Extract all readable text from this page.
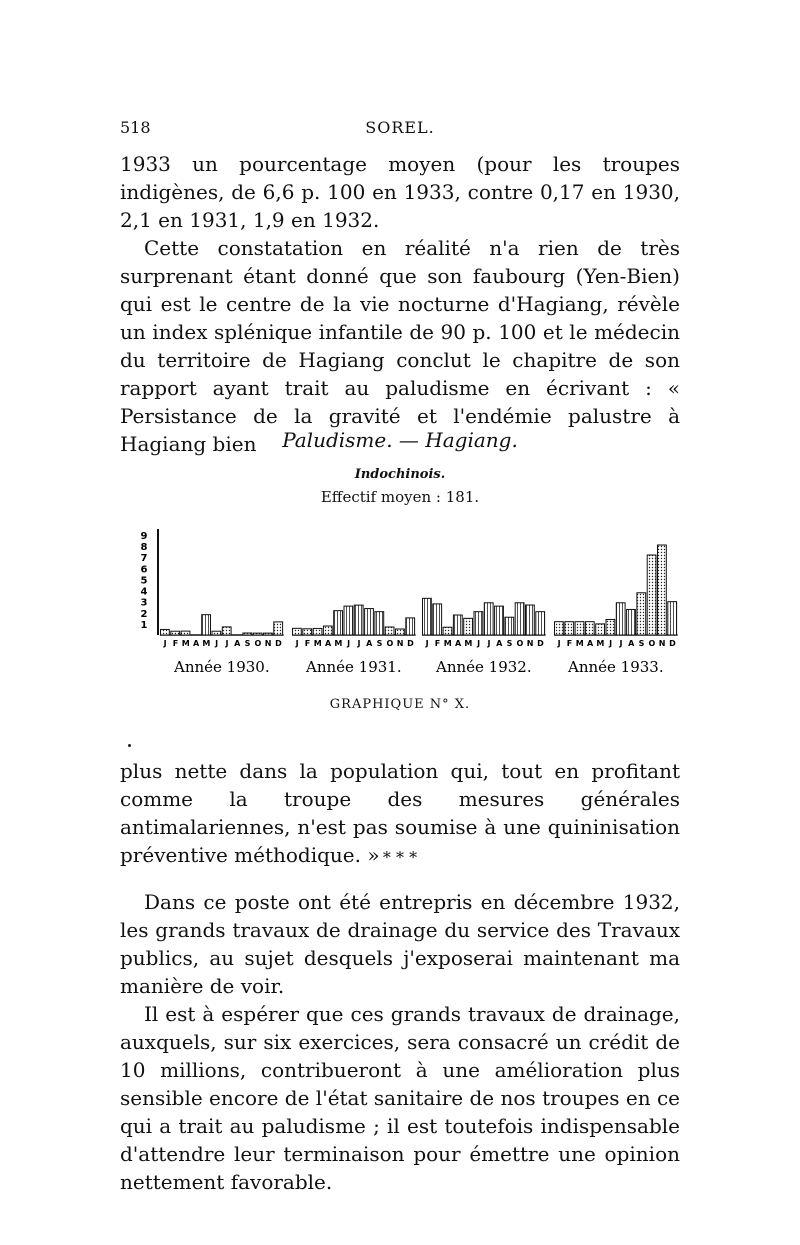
518	SOREL.

1933 un pourcentage moyen (pour les troupes indigènes, de 6,6 p. 100 en 1933, contre 0,17 en 1930, 2,1 en 1931, 1,9 en 1932.

Cette constatation en réalité n'a rien de très surprenant étant donné que son faubourg (Yen-Bien) qui est le centre de la vie nocturne d'Hagiang, révèle un index splénique infantile de 90 p. 100 et le médecin du territoire de Hagiang conclut le chapitre de son rapport ayant trait au paludisme en écrivant : « Persistance de la gravité et l'endémie palustre à Hagiang bien	Paludisme. — Hagiang.
Indochinois.
Effectif moyen : 181.
1
2
3
4
5
6
7
8
9
J F M A M J J A S O N D
Année 1930.
J F M A M J J A S O N D
Année 1931.
J F M A M J J A S O N D
Année 1932.
J F M A M J J A S O N D
Année 1933.
GRAPHIQUE N° X.

plus nette dans la population qui, tout en profitant comme la troupe des mesures générales antimalariennes, n'est pas soumise à une quininisation préventive méthodique. » * * *

Dans ce poste ont été entrepris en décembre 1932, les grands travaux de drainage du service des Travaux publics, au sujet desquels j'exposerai maintenant ma manière de voir.

Il est à espérer que ces grands travaux de drainage, auxquels, sur six exercices, sera consacré un crédit de 10 millions, contribueront à une amélioration plus sensible encore de l'état sanitaire de nos troupes en ce qui a trait au paludisme ; il est toutefois indispensable d'attendre leur terminaison pour émettre une opinion nettement favorable.
